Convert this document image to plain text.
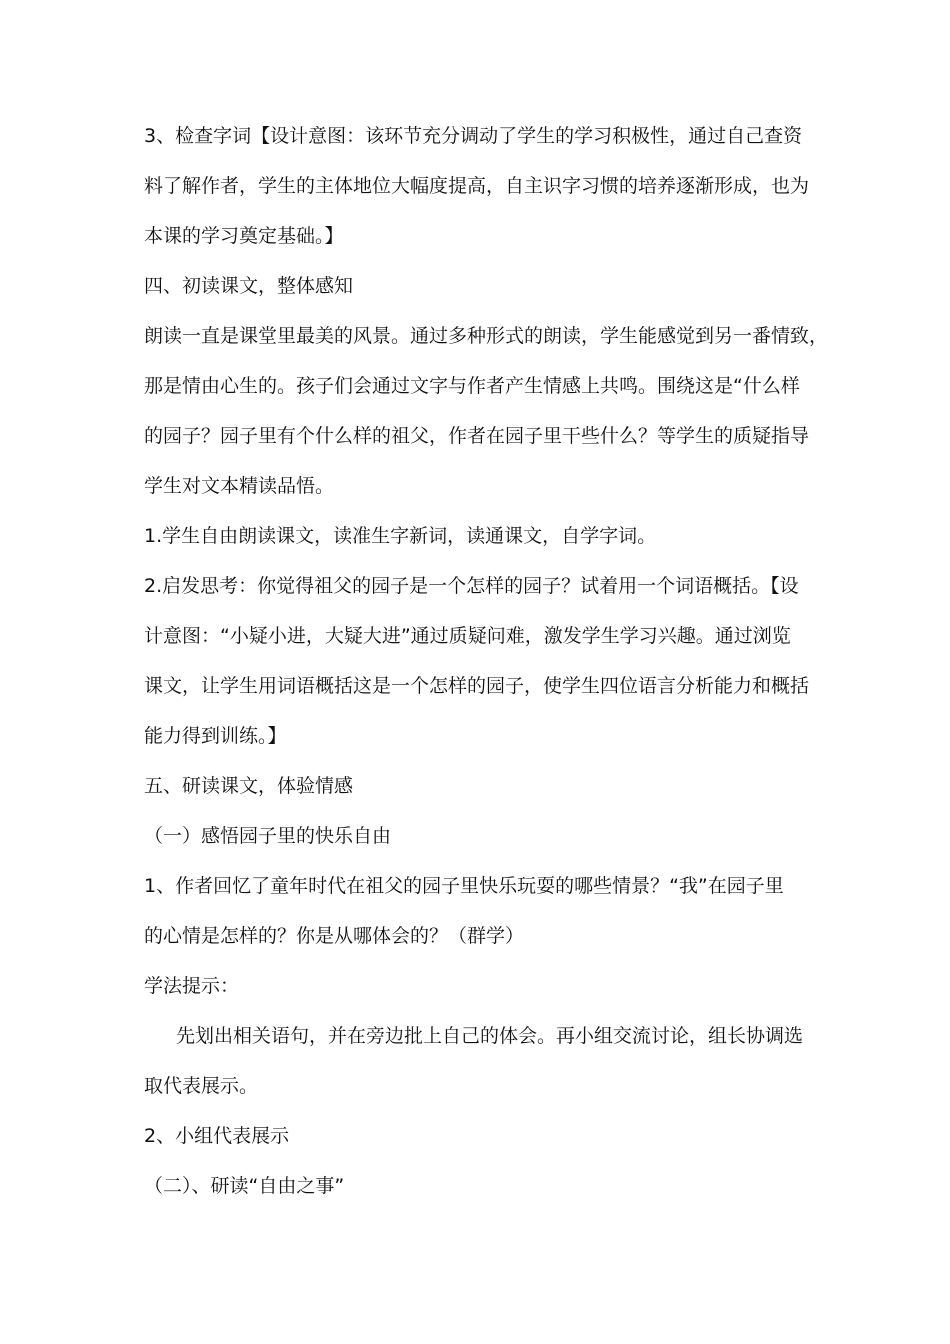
3、检查字词【设计意图：该环节充分调动了学生的学习积极性，通过自己查资
料了解作者，学生的主体地位大幅度提高，自主识字习惯的培养逐渐形成，也为
本课的学习奠定基础。】
四、初读课文，整体感知
朗读一直是课堂里最美的风景。通过多种形式的朗读，学生能感觉到另一番情致，
那是情由心生的。孩子们会通过文字与作者产生情感上共鸣。围绕这是“什么样
的园子？园子里有个什么样的祖父，作者在园子里干些什么？等学生的质疑指导
学生对文本精读品悟。
1.学生自由朗读课文，读准生字新词，读通课文，自学字词。
2.启发思考：你觉得祖父的园子是一个怎样的园子？试着用一个词语概括。【设
计意图：“小疑小进，大疑大进”通过质疑问难，激发学生学习兴趣。通过浏览
课文，让学生用词语概括这是一个怎样的园子，使学生四位语言分析能力和概括
能力得到训练。】
五、研读课文，体验情感
（一）感悟园子里的快乐自由
1、作者回忆了童年时代在祖父的园子里快乐玩耍的哪些情景？“我”在园子里
的心情是怎样的？你是从哪体会的？（群学）
学法提示：
先划出相关语句，并在旁边批上自己的体会。再小组交流讨论，组长协调选
取代表展示。
2、小组代表展示
（二）、研读“自由之事”
